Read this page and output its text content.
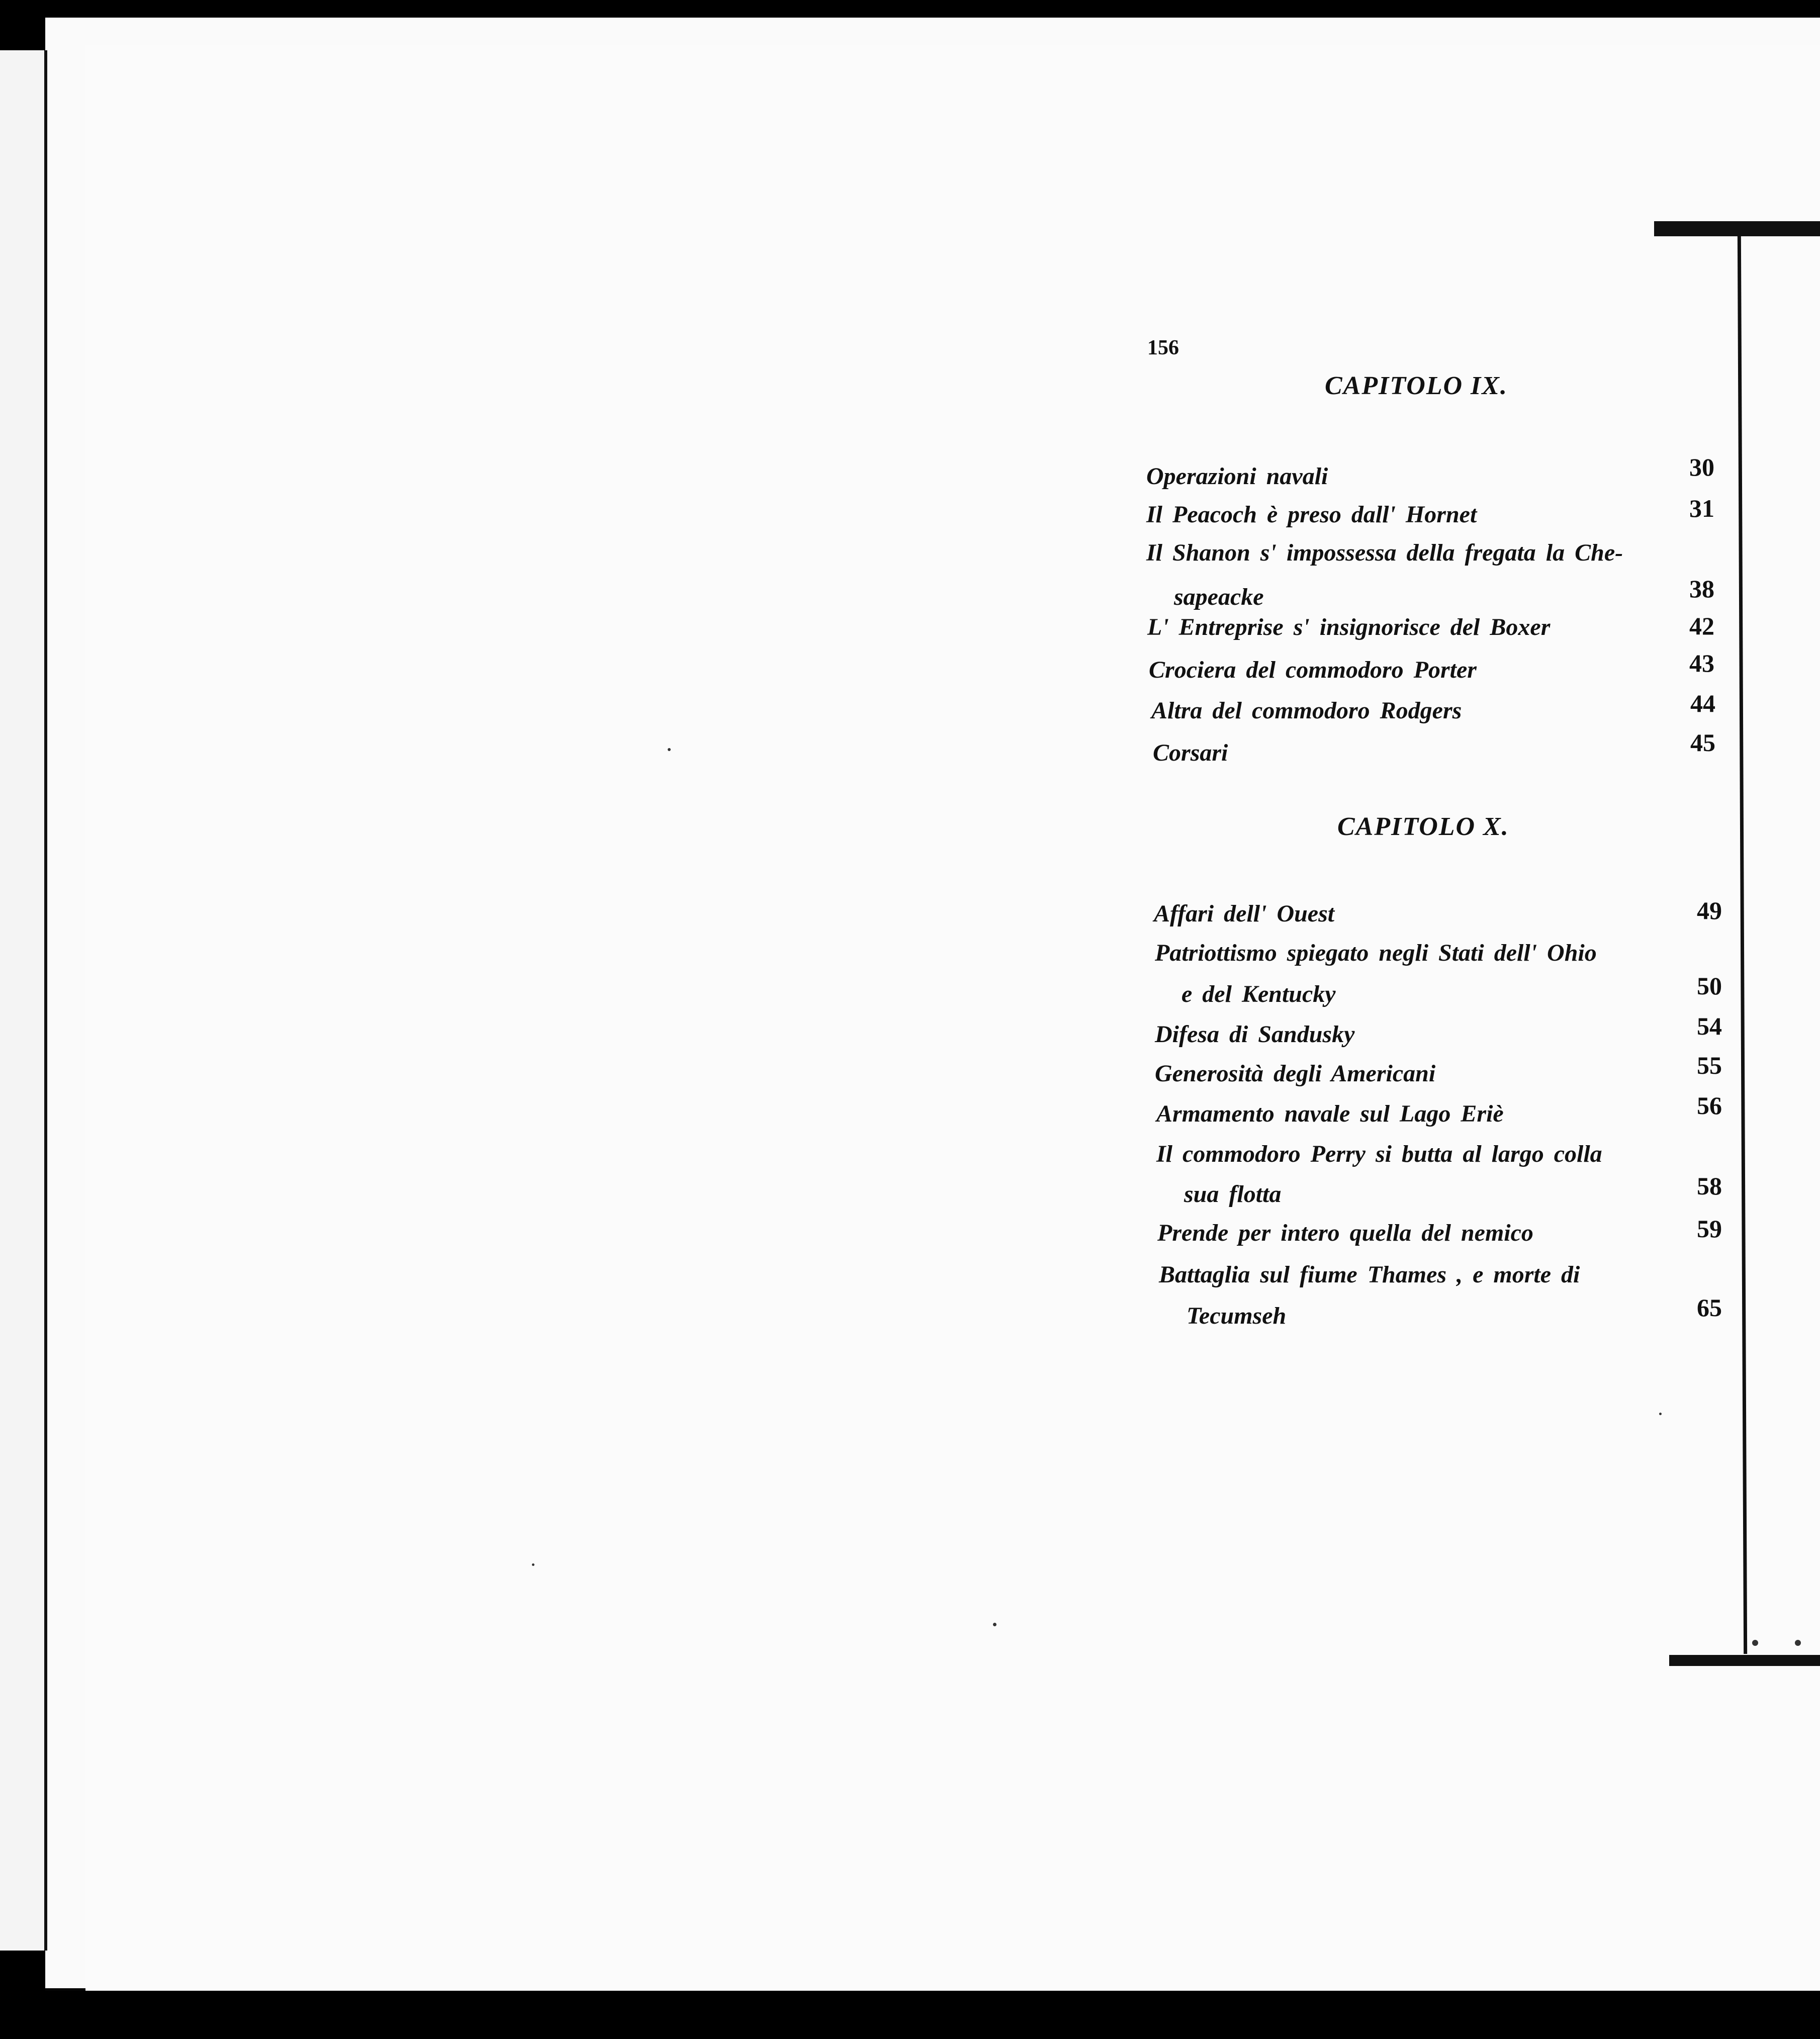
156
CAPITOLO IX.
Operazioni navali	30
Il Peacoch è preso dall' Hornet	31
Il Shanon s' impossessa della fregata la Che-
sapeacke	38
L' Entreprise s' insignorisce del Boxer	42
Crociera del commodoro Porter	43
Altra del commodoro Rodgers	44
Corsari	45
CAPITOLO X.
Affari dell' Ouest	49
Patriottismo spiegato negli Stati dell' Ohio
e del Kentucky	50
Difesa di Sandusky	54
Generosità degli Americani	55
Armamento navale sul Lago Eriè	56
Il commodoro Perry si butta al largo colla
sua flotta	58
Prende per intero quella del nemico	59
Battaglia sul fiume Thames , e morte di
Tecumseh	65
